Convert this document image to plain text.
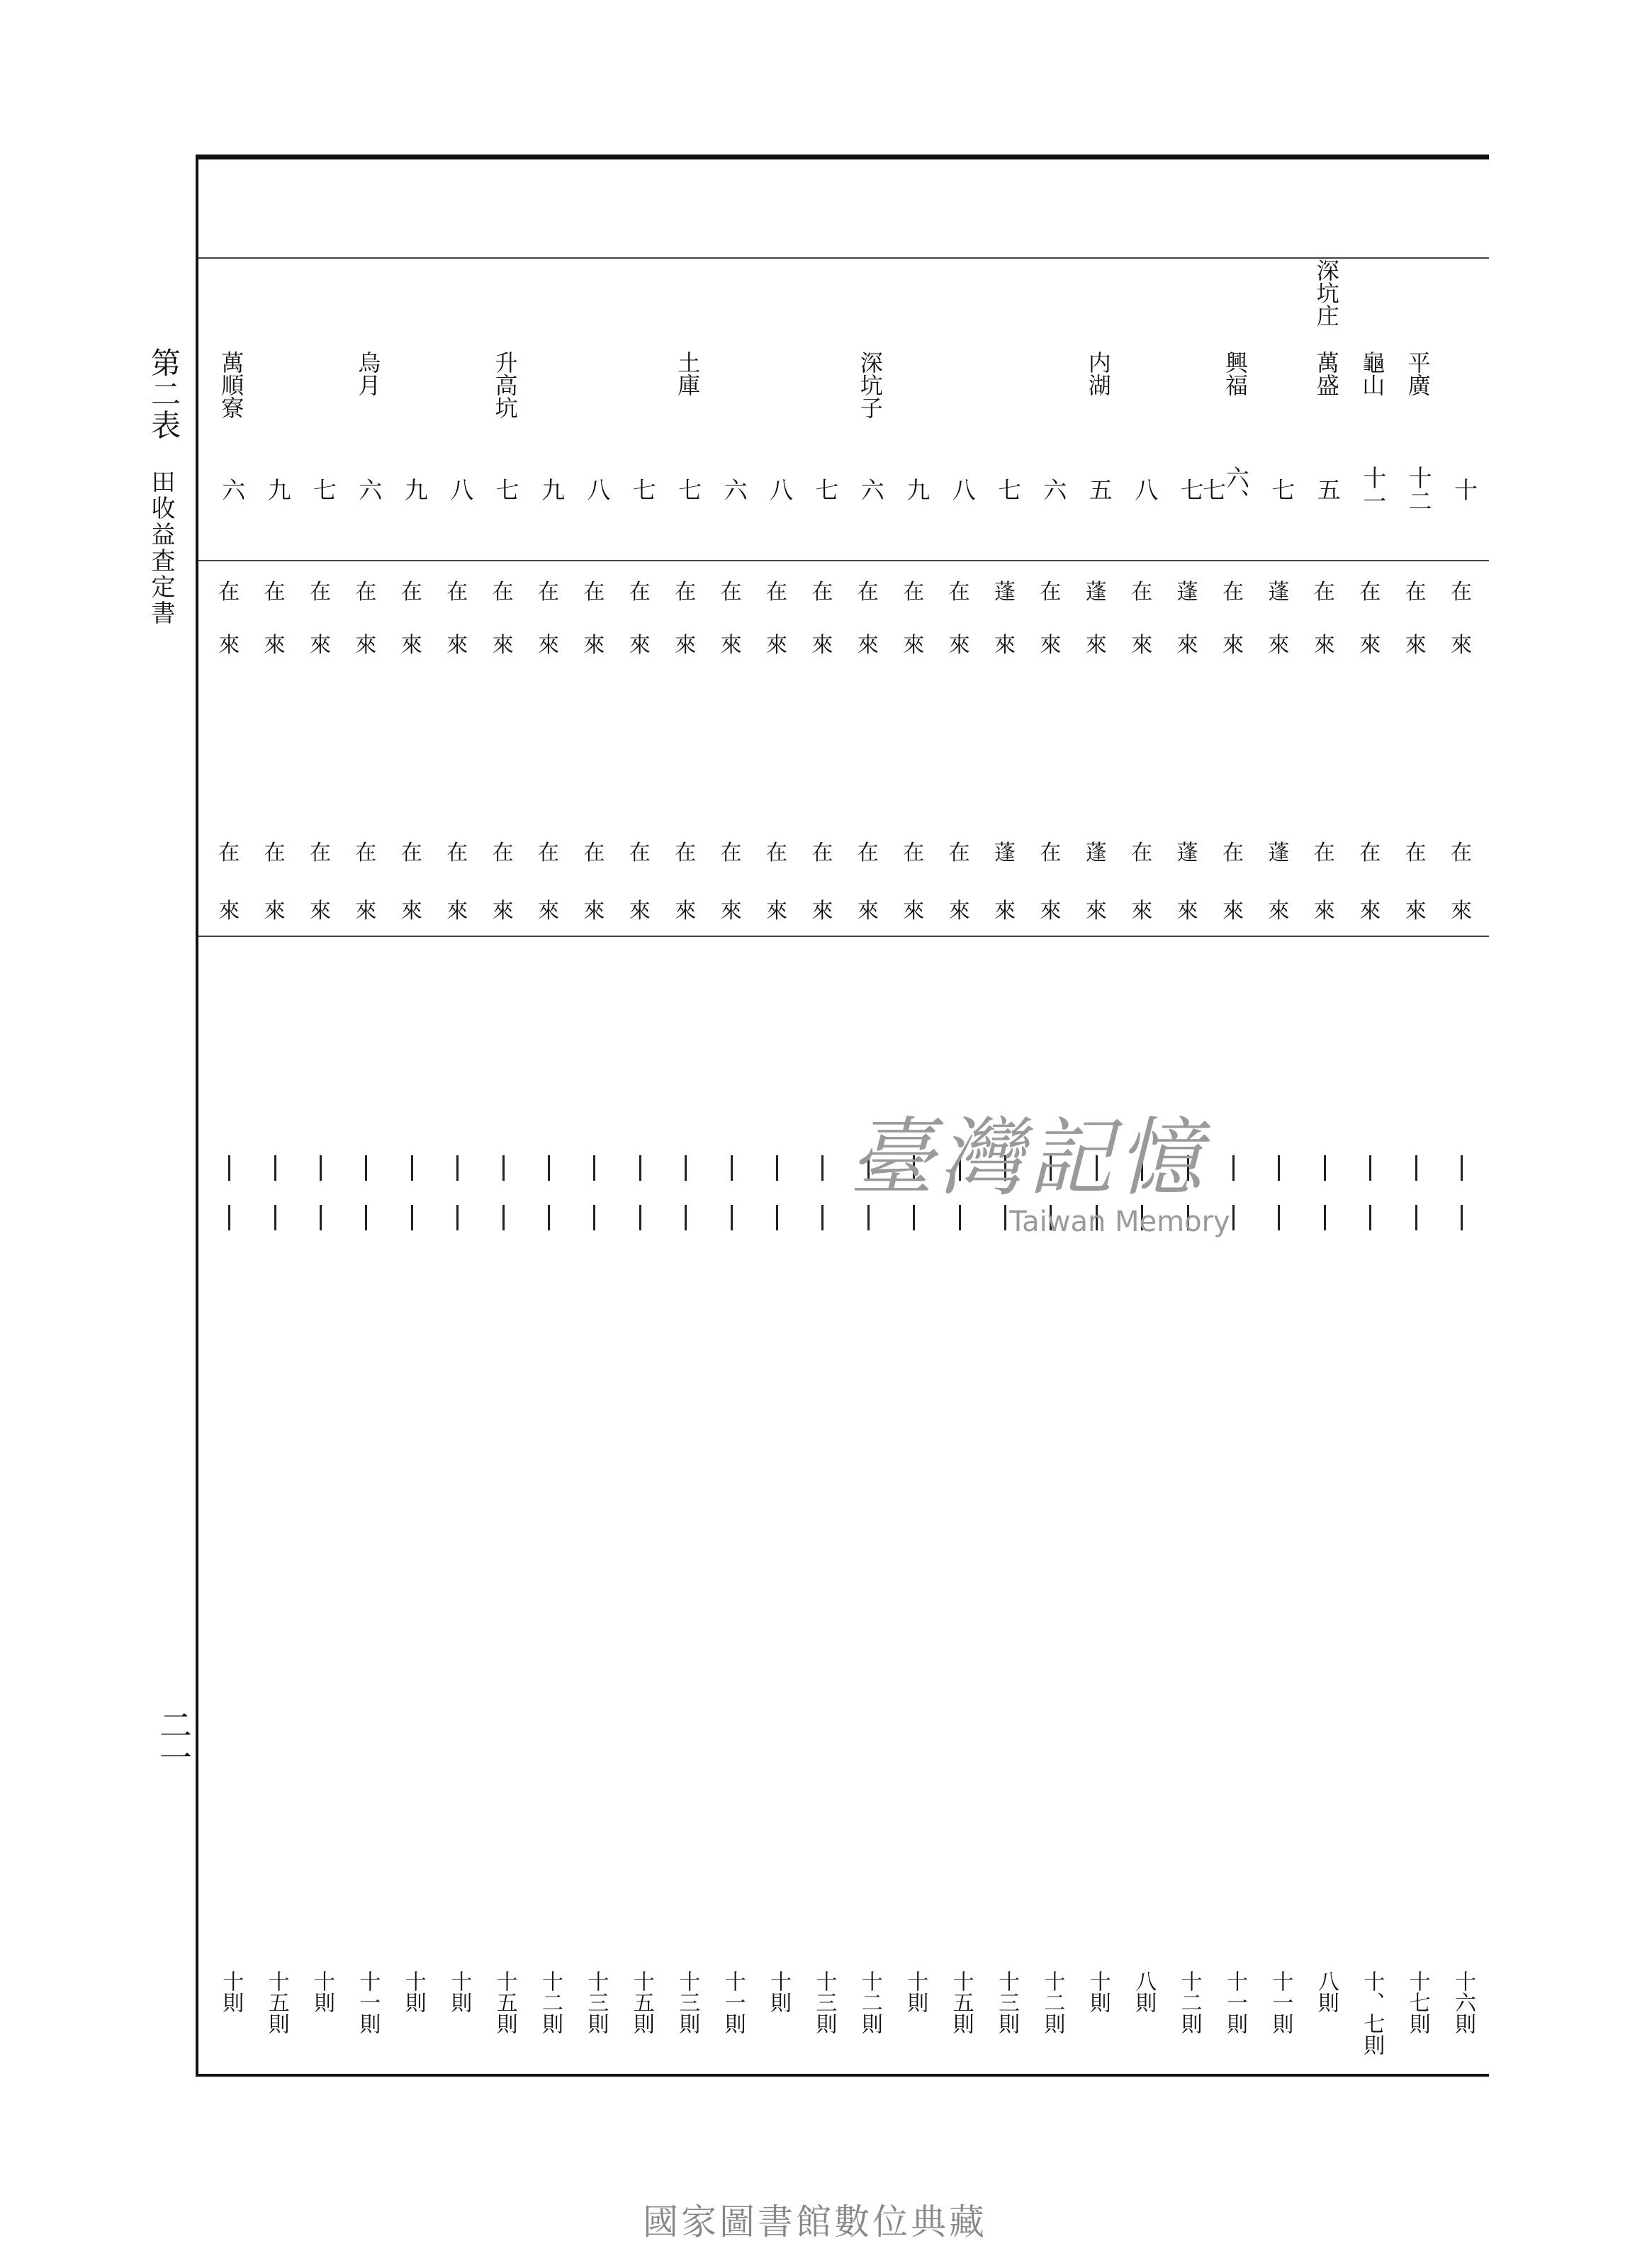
第二表
田收益査定書
二一
十
在
來
在
來
十六則
平廣
十二
在
來
在
來
十七則
龜山
十一
在
來
在
來
十、七則
深坑庄
萬盛
五
在
來
在
來
八則
七
蓬
來
蓬
來
十一則
興福
六、七
在
來
在
來
十一則
七
蓬
來
蓬
來
十二則
八
在
來
在
來
八則
内湖
五
蓬
來
蓬
來
十則
六
在
來
在
來
十二則
七
蓬
來
蓬
來
十三則
八
在
來
在
來
十五則
九
在
來
在
來
十則
深坑子
六
在
來
在
來
十二則
七
在
來
在
來
十三則
八
在
來
在
來
十則
六
在
來
在
來
十一則
土庫
七
在
來
在
來
十三則
七
在
來
在
來
十五則
八
在
來
在
來
十三則
九
在
來
在
來
十二則
升高坑
七
在
來
在
來
十五則
八
在
來
在
來
十則
九
在
來
在
來
十則
烏月
六
在
來
在
來
十一則
七
在
來
在
來
十則
九
在
來
在
來
十五則
萬順寮
六
在
來
在
來
十則
臺灣記憶
Taiwan Memory
國家圖書館數位典藏
